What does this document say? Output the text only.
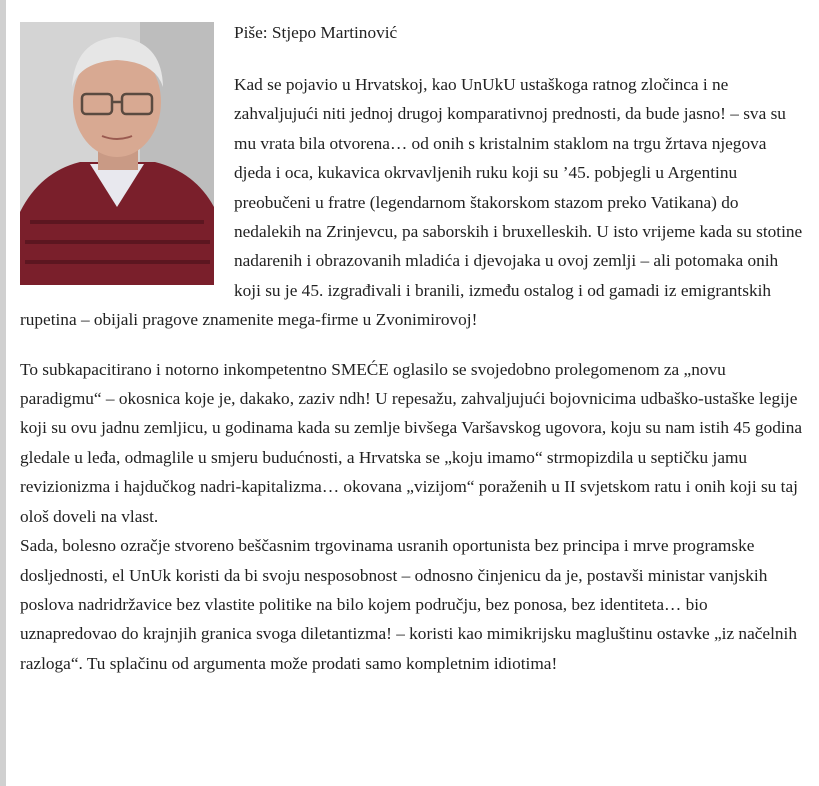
Piše: Stjepo Martinović

Kad se pojavio u Hrvatskoj, kao UnUkU ustaškoga ratnog zločinca i ne zahvaljujući niti jednoj drugoj komparativnoj prednosti, da bude jasno! – sva su mu vrata bila otvorena… od onih s kristalnim staklom na trgu žrtava njegova djeda i oca, kukavica okrvavljenih ruku koji su ’45. pobjegli u Argentinu preobučeni u fratre (legendarnom štakorskom stazom preko Vatikana) do nedalekih na Zrinjevcu, pa saborskih i bruxelleskih. U isto vrijeme kada su stotine nadarenih i obrazovanih mladića i djevojaka u ovoj zemlji – ali potomaka onih koji su je 45. izgrađivali i branili, između ostalog i od gamadi iz emigrantskih rupetina – obijali pragove znamenite mega-firme u Zvonimirovoj!

To subkapacitirano i notorno inkompetentno SMEĆE oglasilo se svojedobno prolegomenom za „novu paradigmu“ – okosnica koje je, dakako, zaziv ndh! U repesažu, zahvaljujući bojovnicima udbaško-ustaške legije koji su ovu jadnu zemljicu, u godinama kada su zemlje bivšega Varšavskog ugovora, koju su nam istih 45 godina gledale u leđa, odmaglile u smjeru budućnosti, a Hrvatska se „koju imamo“ strmopizdila u septičku jamu revizionizma i hajdučkog nadri-kapitalizma… okovana „vizijom“ poraženih u II svjetskom ratu i onih koji su taj ološ doveli na vlast.

Sada, bolesno ozračje stvoreno beščasnim trgovinama usranih oportunista bez principa i mrve programske dosljednosti, el UnUk koristi da bi svoju nesposobnost – odnosno činjenicu da je, postavši ministar vanjskih poslova nadridržavice bez vlastite politike na bilo kojem području, bez ponosa, bez identiteta… bio uznapredovao do krajnjih granica svoga diletantizma! – koristi kao mimikrijsku magluštinu ostavke „iz načelnih razloga“. Tu splačinu od argumenta može prodati samo kompletnim idiotima!
